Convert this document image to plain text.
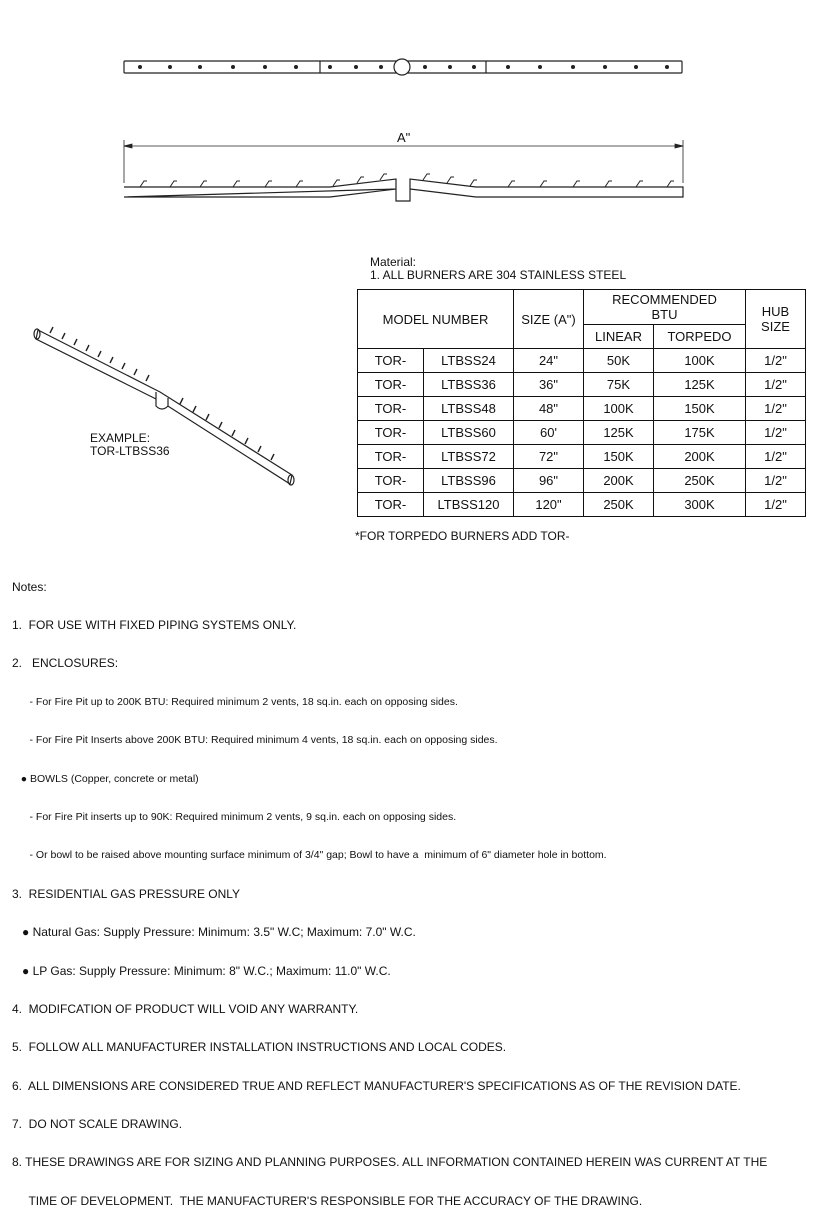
A"
Material:
1. ALL BURNERS ARE 304 STAINLESS STEEL
MODEL NUMBER		SIZE (A")	RECOMMENDED BTU		HUB SIZE
			LINEAR	TORPEDO	
TOR-	LTBSS24	24"	50K	100K	1/2"
TOR-	LTBSS36	36"	75K	125K	1/2"
TOR-	LTBSS48	48"	100K	150K	1/2"
TOR-	LTBSS60	60'	125K	175K	1/2"
TOR-	LTBSS72	72"	150K	200K	1/2"
TOR-	LTBSS96	96"	200K	250K	1/2"
TOR-	LTBSS120	120"	250K	300K	1/2"
*FOR TORPEDO BURNERS ADD TOR-
EXAMPLE:
TOR-LTBSS36

Notes:

1.  FOR USE WITH FIXED PIPING SYSTEMS ONLY.

2.   ENCLOSURES:

- For Fire Pit up to 200K BTU: Required minimum 2 vents, 18 sq.in. each on opposing sides.

- For Fire Pit Inserts above 200K BTU: Required minimum 4 vents, 18 sq.in. each on opposing sides.

● BOWLS (Copper, concrete or metal)

- For Fire Pit inserts up to 90K: Required minimum 2 vents, 9 sq.in. each on opposing sides.

- Or bowl to be raised above mounting surface minimum of 3/4" gap; Bowl to have a  minimum of 6" diameter hole in bottom.

3.  RESIDENTIAL GAS PRESSURE ONLY

● Natural Gas: Supply Pressure: Minimum: 3.5" W.C; Maximum: 7.0" W.C.

● LP Gas: Supply Pressure: Minimum: 8" W.C.; Maximum: 11.0" W.C.

4.  MODIFCATION OF PRODUCT WILL VOID ANY WARRANTY.

5.  FOLLOW ALL MANUFACTURER INSTALLATION INSTRUCTIONS AND LOCAL CODES.

6.  ALL DIMENSIONS ARE CONSIDERED TRUE AND REFLECT MANUFACTURER'S SPECIFICATIONS AS OF THE REVISION DATE.

7.  DO NOT SCALE DRAWING.

8. THESE DRAWINGS ARE FOR SIZING AND PLANNING PURPOSES. ALL INFORMATION CONTAINED HEREIN WAS CURRENT AT THE

TIME OF DEVELOPMENT.  THE MANUFACTURER'S RESPONSIBLE FOR THE ACCURACY OF THE DRAWING.
